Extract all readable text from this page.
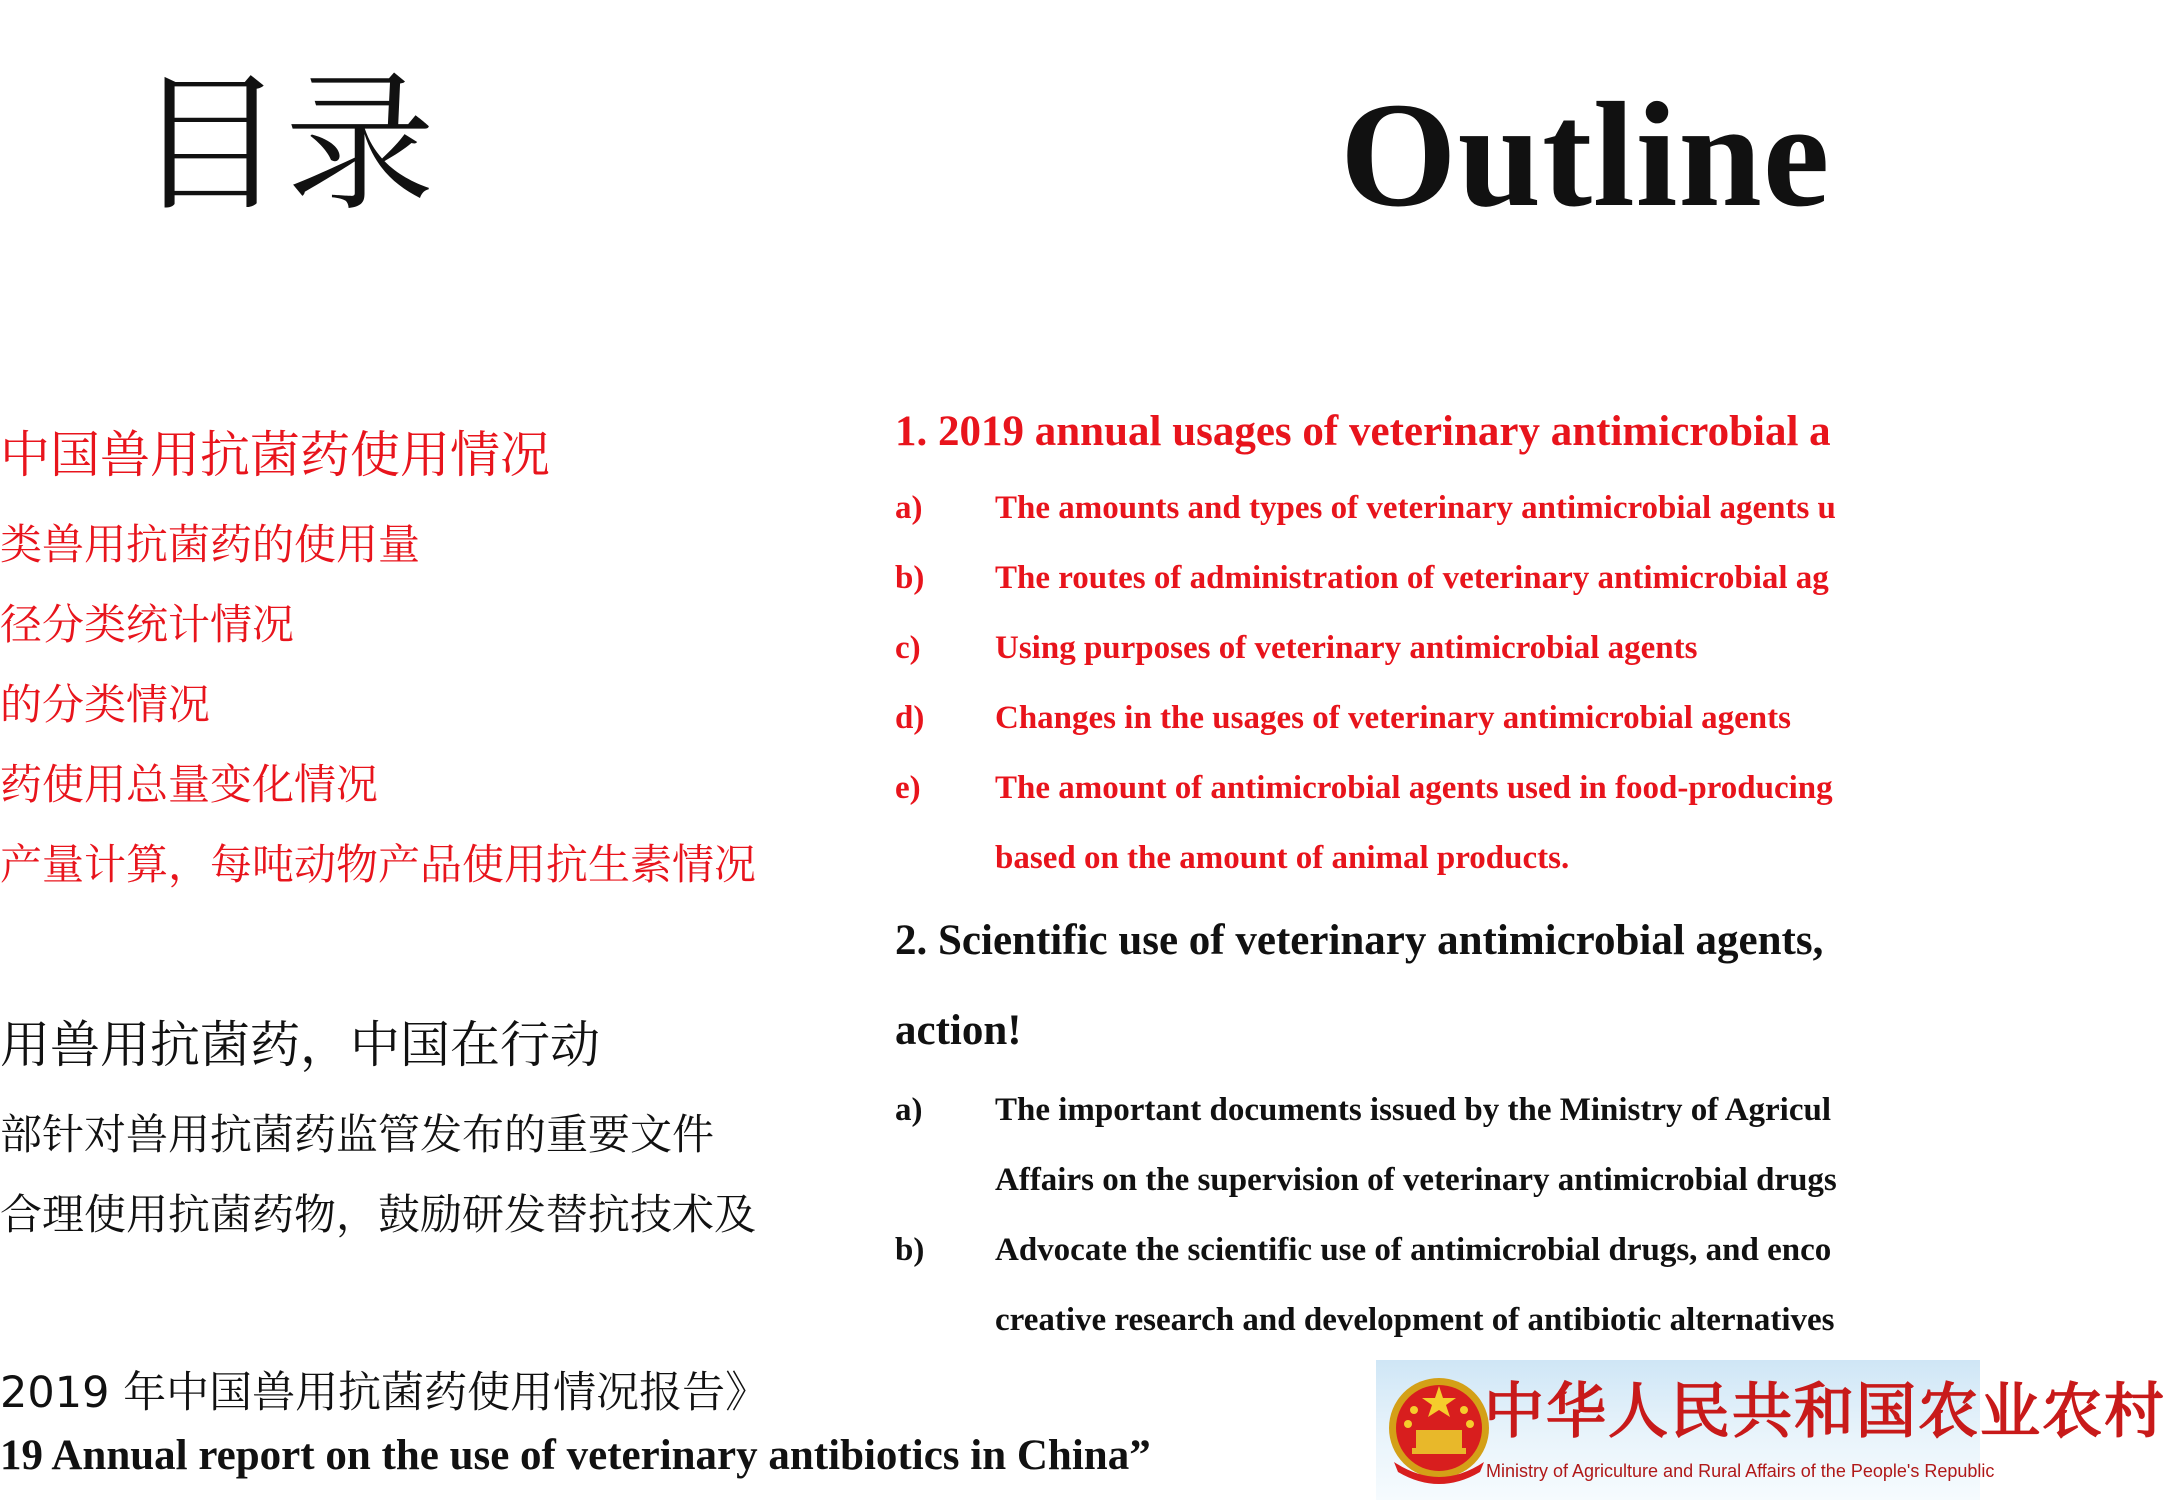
目录	Outline
中国兽用抗菌药使用情况
类兽用抗菌药的使用量
径分类统计情况
的分类情况
药使用总量变化情况
产量计算，每吨动物产品使用抗生素情况
用兽用抗菌药，中国在行动
部针对兽用抗菌药监管发布的重要文件
合理使用抗菌药物，鼓励研发替抗技术及
1. 2019 annual usages of veterinary antimicrobial a
a) The amounts and types of veterinary antimicrobial agents u
b) The routes of administration of veterinary antimicrobial ag
c) Using purposes of veterinary antimicrobial agents
d) Changes in the usages of veterinary antimicrobial agents
e) The amount of antimicrobial agents used in food-producing
based on the amount of animal products.
2. Scientific use of veterinary antimicrobial agents,
action!
a) The important documents issued by the Ministry of Agricul
Affairs on the supervision of veterinary antimicrobial drugs
b) Advocate the scientific use of antimicrobial drugs, and enco
creative research and development of antibiotic alternatives
2019 年中国兽用抗菌药使用情况报告》
19 Annual report on the use of veterinary antibiotics in China”
中华人民共和国农业农村
Ministry of Agriculture and Rural Affairs of the People's Republic
